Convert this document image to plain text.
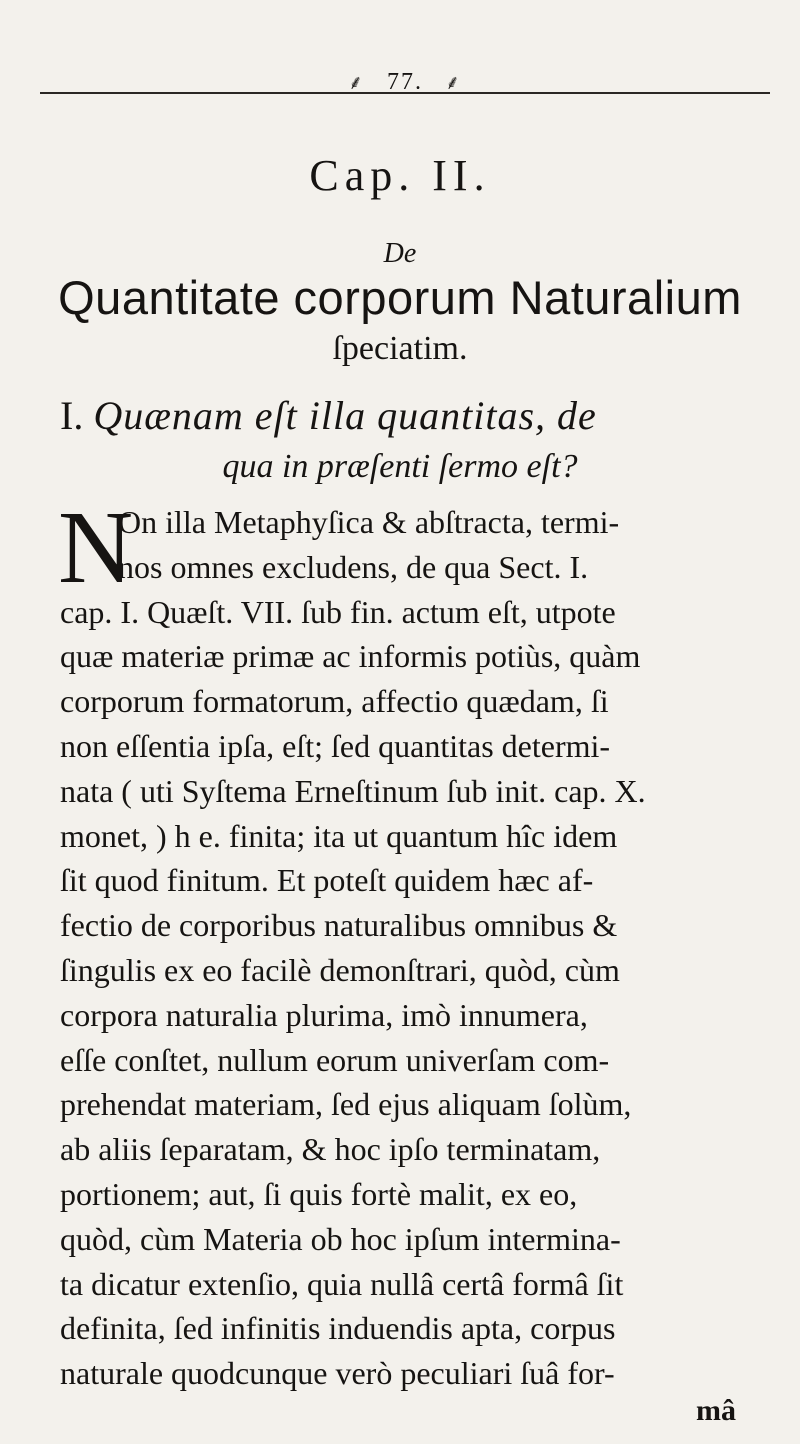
⸙ 77. ⸙
Cap. II.
De
Quantitate corporum Naturalium
ſpeciatim.
I. Quænam eſt illa quantitas, de
qua in præſenti ſermo eſt?
N
On illa Metaphyſica & abſtracta, termi-
nos omnes excludens, de qua Sect. I.
cap. I. Quæſt. VII. ſub fin. actum eſt, utpote
quæ materiæ primæ ac informis potiùs, quàm
corporum formatorum, affectio quædam, ſi
non eſſentia ipſa, eſt; ſed quantitas determi-
nata ( uti Syſtema Erneſtinum ſub init. cap. X.
monet, ) h e. finita; ita ut quantum hîc idem
ſit quod finitum. Et poteſt quidem hæc af-
fectio de corporibus naturalibus omnibus &
ſingulis ex eo facilè demonſtrari, quòd, cùm
corpora naturalia plurima, imò innumera,
eſſe conſtet, nullum eorum univerſam com-
prehendat materiam, ſed ejus aliquam ſolùm,
ab aliis ſeparatam, & hoc ipſo terminatam,
portionem; aut, ſi quis fortè malit, ex eo,
quòd, cùm Materia ob hoc ipſum intermina-
ta dicatur extenſio, quia nullâ certâ formâ ſit
definita, ſed infinitis induendis apta, corpus
naturale quodcunque verò peculiari ſuâ for-
mâ
